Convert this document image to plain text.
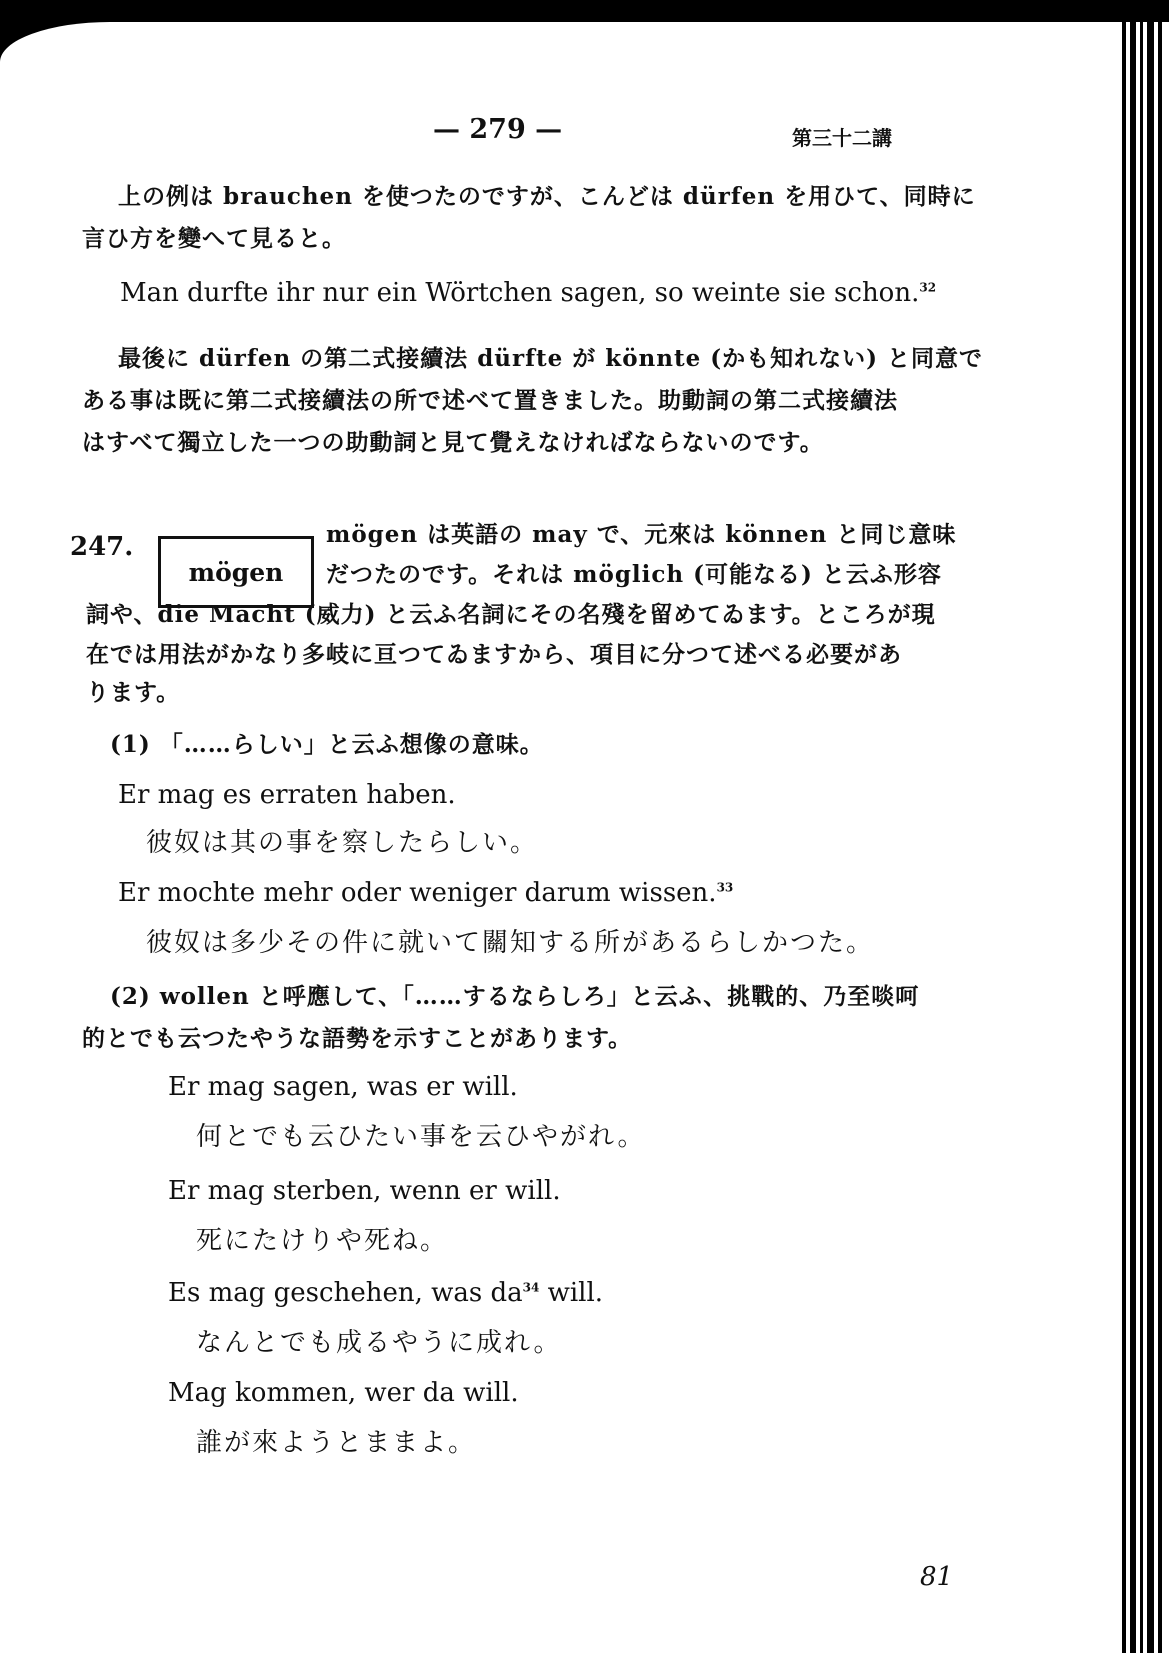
— 279 —	第三十二講
上の例は brauchen を使つたのですが、こんどは dürfen を用ひて、同時に
言ひ方を變へて見ると。
Man durfte ihr nur ein Wörtchen sagen, so weinte sie schon.$^{32}$
最後に dürfen の第二式接續法 dürfte が könnte (かも知れない) と同意で
ある事は既に第二式接續法の所で述べて置きました。助動詞の第二式接續法
はすべて獨立した一つの助動詞と見て覺えなければならないのです。
247.
mögen
mögen は英語の may で、元來は können と同じ意味
だつたのです。それは möglich (可能なる) と云ふ形容
詞や、die Macht (威力) と云ふ名詞にその名殘を留めてゐます。ところが現
在では用法がかなり多岐に亘つてゐますから、項目に分つて述べる必要があ
ります。
(1) 「……らしい」と云ふ想像の意味。
Er mag es erraten haben.
彼奴は其の事を察したらしい。
Er mochte mehr oder weniger darum wissen.$^{33}$
彼奴は多少その件に就いて關知する所があるらしかつた。
(2) wollen と呼應して、「……するならしろ」と云ふ、挑戰的、乃至啖呵
的とでも云つたやうな語勢を示すことがあります。
Er mag sagen, was er will.
何とでも云ひたい事を云ひやがれ。
Er mag sterben, wenn er will.
死にたけりや死ね。
Es mag geschehen, was $da^{34}$ will.
なんとでも成るやうに成れ。
Mag kommen, wer da will.
誰が來ようとままよ。
81
